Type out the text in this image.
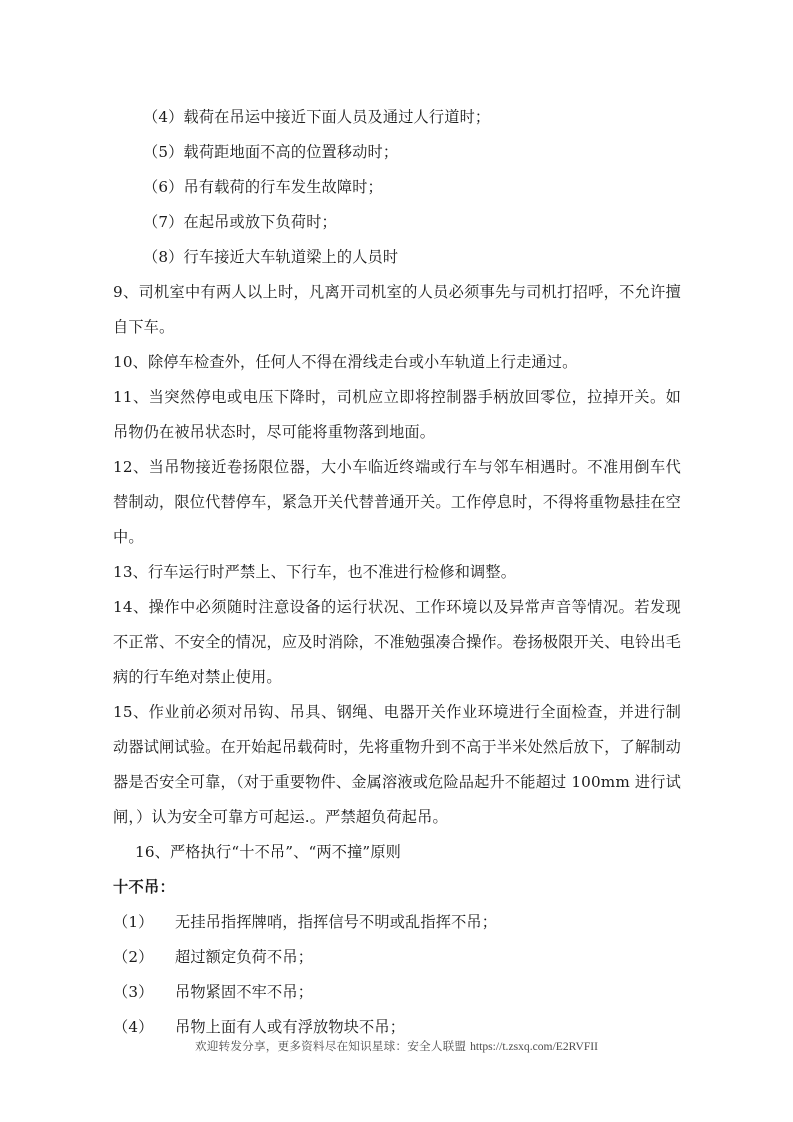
（4）载荷在吊运中接近下面人员及通过人行道时；

（5）载荷距地面不高的位置移动时；

（6）吊有载荷的行车发生故障时；

（7）在起吊或放下负荷时；

（8）行车接近大车轨道梁上的人员时

9、司机室中有两人以上时，凡离开司机室的人员必须事先与司机打招呼，不允许擅自下车。

10、除停车检查外，任何人不得在滑线走台或小车轨道上行走通过。

11、当突然停电或电压下降时，司机应立即将控制器手柄放回零位，拉掉开关。如吊物仍在被吊状态时，尽可能将重物落到地面。

12、当吊物接近卷扬限位器，大小车临近终端或行车与邻车相遇时。不准用倒车代替制动，限位代替停车，紧急开关代替普通开关。工作停息时，不得将重物悬挂在空中。

13、行车运行时严禁上、下行车，也不准进行检修和调整。

14、操作中必须随时注意设备的运行状况、工作环境以及异常声音等情况。若发现不正常、不安全的情况，应及时消除，不准勉强凑合操作。卷扬极限开关、电铃出毛病的行车绝对禁止使用。

15、作业前必须对吊钩、吊具、钢绳、电器开关作业环境进行全面检查，并进行制动器试闸试验。在开始起吊载荷时，先将重物升到不高于半米处然后放下，了解制动器是否安全可靠，（对于重要物件、金属溶液或危险品起升不能超过 100mm 进行试闸，）认为安全可靠方可起运.。严禁超负荷起吊。

16、严格执行“十不吊”、“两不撞”原则

十不吊：

（1） 无挂吊指挥牌哨，指挥信号不明或乱指挥不吊；

（2） 超过额定负荷不吊；

（3） 吊物紧固不牢不吊；

（4） 吊物上面有人或有浮放物块不吊；

欢迎转发分享，更多资料尽在知识星球：安全人联盟 https://t.zsxq.com/E2RVFII
